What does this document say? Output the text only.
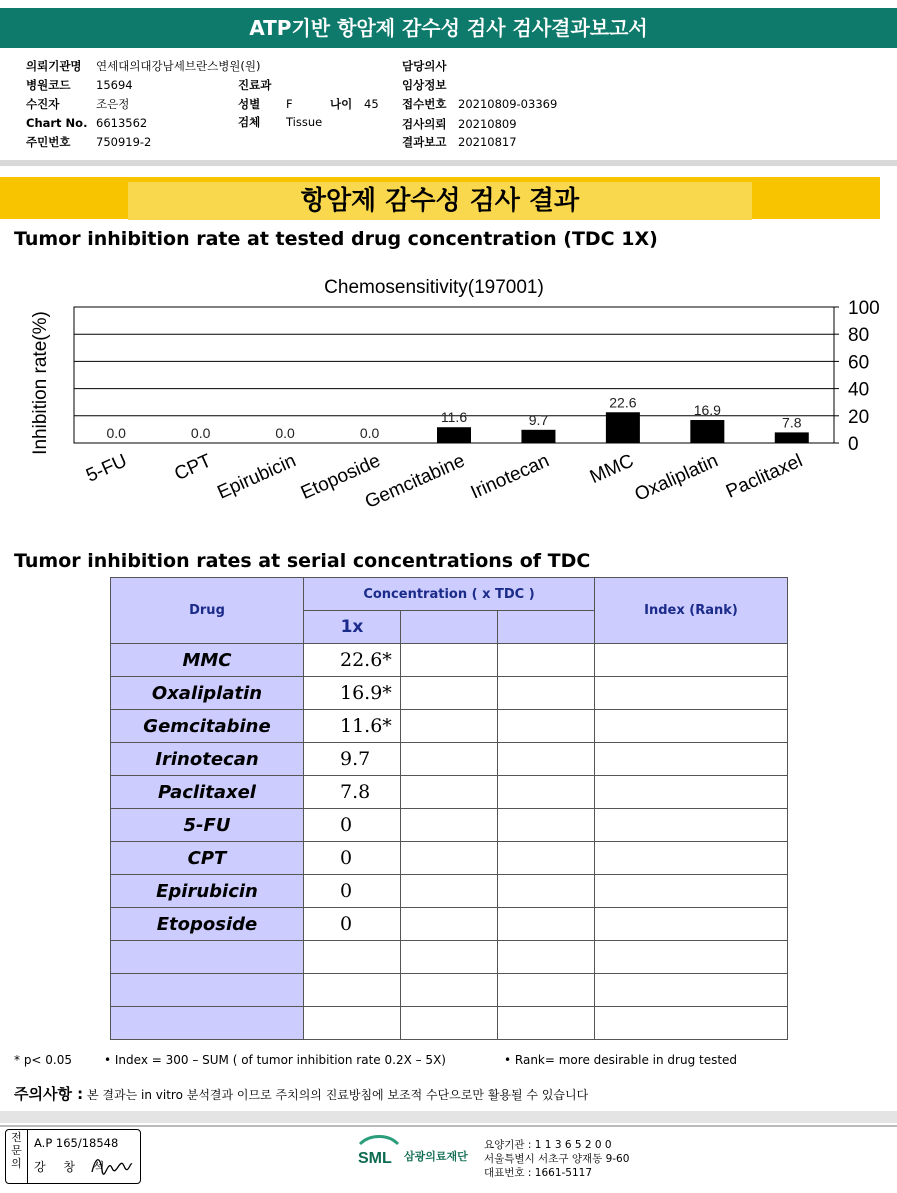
ATP기반 항암제 감수성 검사 검사결과보고서
의뢰기관명 연세대의대강남세브란스병원(원)
병원코드 15694
수진자	조은정
Chart No. 6613562
주민번호 750919-2
진료과
성별 F	나이 45
검체 Tissue
담당의사
임상정보
접수번호 20210809-03369
검사의뢰 20210809
결과보고 20210817
항암제 감수성 검사 결과
Tumor inhibition rate at tested drug concentration (TDC 1X)
0
20
40
60
80
100
Chemosensitivity(197001)
Inhibition rate(%)	0.0
5-FU
0.0
CPT
0.0
Epirubicin
0.0
Etoposide
11.6
Gemcitabine
9.7
Irinotecan
22.6
MMC
16.9
Oxaliplatin
7.8
Paclitaxel
Tumor inhibition rates at serial concentrations of TDC
Drug	Concentration ( x TDC )			Index (Rank)
	1x			
MMC	22.6*			
Oxaliplatin	16.9*			
Gemcitabine	11.6*			
Irinotecan	9.7			
Paclitaxel	7.8			
5-FU	0			
CPT	0			
Epirubicin	0			
Etoposide	0			

* p< 0.05	• Index = 300 – SUM ( of tumor inhibition rate 0.2X – 5X)	• Rank= more desirable in drug tested
주의사항 : 본 결과는 in vitro 분석결과 이므로 주치의의 진료방침에 보조적 수단으로만 활용될 수 있습니다
전문의
A.P 165/18548
강 창 석	SML 삼광의료재단
요양기관 : 1 1 3 6 5 2 0 0
서울특별시 서초구 양재동 9-60
대표번호 : 1661-5117
